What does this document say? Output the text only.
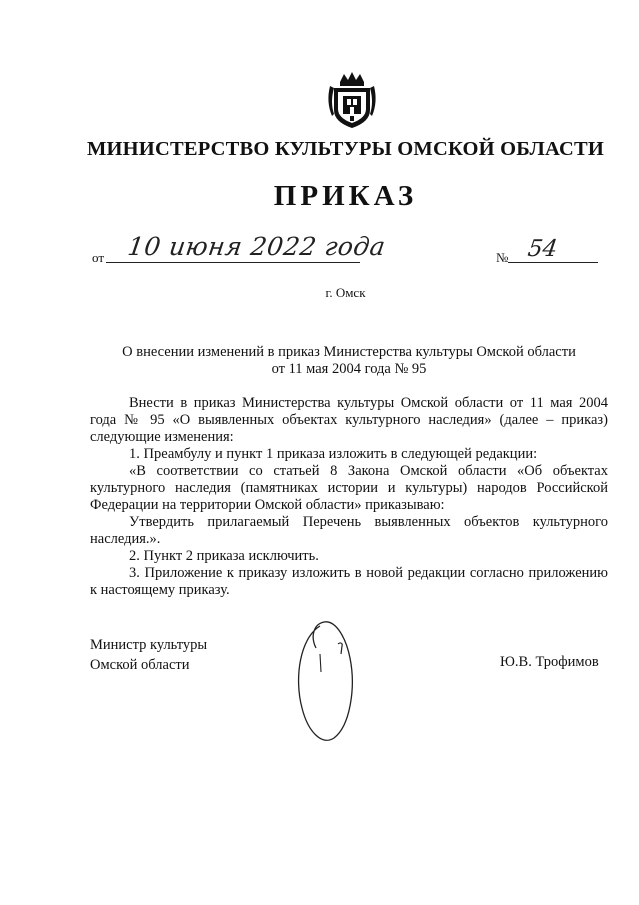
МИНИСТЕРСТВО КУЛЬТУРЫ ОМСКОЙ ОБЛАСТИ
ПРИКАЗ
от 10 июня 2022 года	№ 54
г. Омск
О внесении изменений в приказ Министерства культуры Омской области
от 11 мая 2004 года № 95

Внести в приказ Министерства культуры Омской области от 11 мая 2004 года № 95 «О выявленных объектах культурного наследия» (далее – приказ) следующие изменения:

1. Преамбулу и пункт 1 приказа изложить в следующей редакции:

«В соответствии со статьей 8 Закона Омской области «Об объектах культурного наследия (памятниках истории и культуры) народов Российской Федерации на территории Омской области» приказываю:

Утвердить прилагаемый Перечень выявленных объектов культурного наследия.».

2. Пункт 2 приказа исключить.

3. Приложение к приказу изложить в новой редакции согласно приложению к настоящему приказу.

Министр культуры
Омской области	Ю.В. Трофимов
